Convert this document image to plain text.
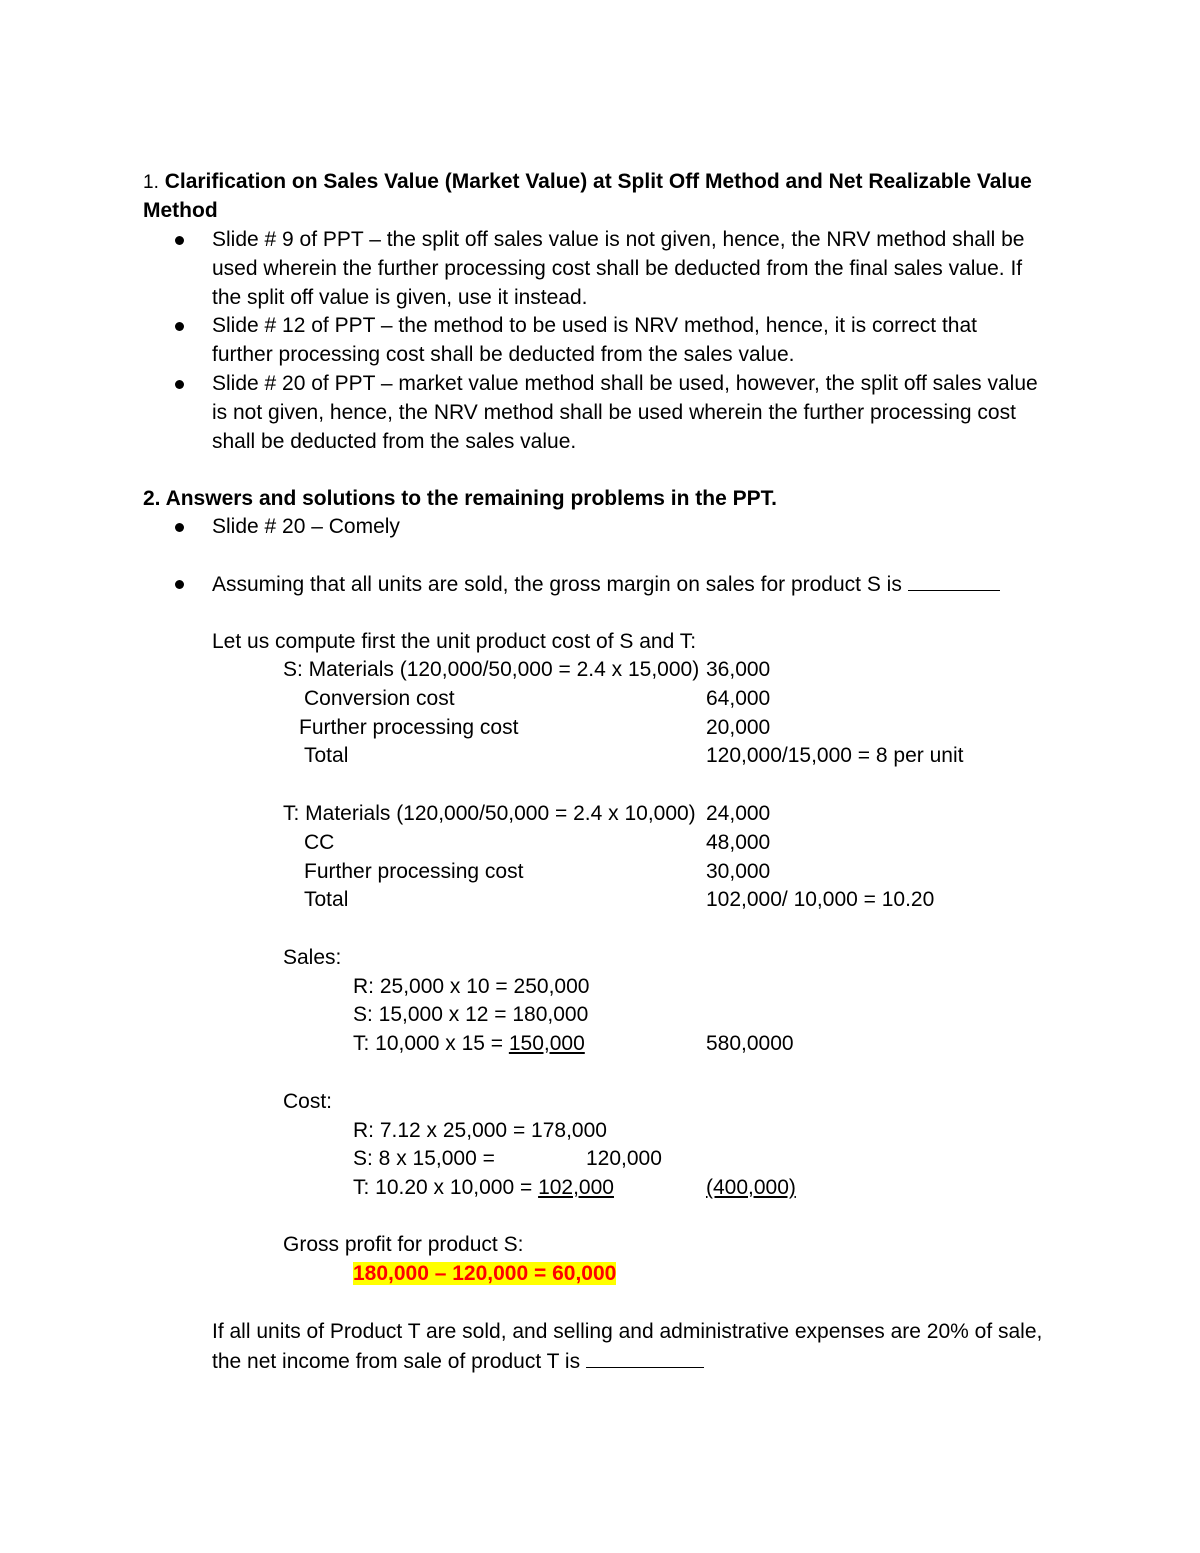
1. Clarification on Sales Value (Market Value) at Split Off Method and Net Realizable Value
Method
Slide # 9 of PPT – the split off sales value is not given, hence, the NRV method shall be
used wherein the further processing cost shall be deducted from the final sales value. If
the split off value is given, use it instead.
Slide # 12 of PPT – the method to be used is NRV method, hence, it is correct that
further processing cost shall be deducted from the sales value.
Slide # 20 of PPT – market value method shall be used, however, the split off sales value
is not given, hence, the NRV method shall be used wherein the further processing cost
shall be deducted from the sales value.
2. Answers and solutions to the remaining problems in the PPT.
Slide # 20 – Comely
Assuming that all units are sold, the gross margin on sales for product S is
Let us compute first the unit product cost of S and T:
S: Materials (120,000/50,000 = 2.4 x 15,000) 36,000
Conversion cost	64,000
Further processing cost	20,000
Total	120,000/15,000 = 8 per unit
T: Materials (120,000/50,000 = 2.4 x 10,000) 24,000
CC	48,000
Further processing cost	30,000
Total	102,000/ 10,000 = 10.20
Sales:
R: 25,000 x 10 = 250,000
S: 15,000 x 12 = 180,000
T: 10,000 x 15 = 150,000	580,0000
Cost:
R: 7.12 x 25,000 = 178,000
S: 8 x 15,000 =	120,000
T: 10.20 x 10,000 = 102,000	(400,000)
Gross profit for product S:
180,000 – 120,000 = 60,000
If all units of Product T are sold, and selling and administrative expenses are 20% of sale,
the net income from sale of product T is
